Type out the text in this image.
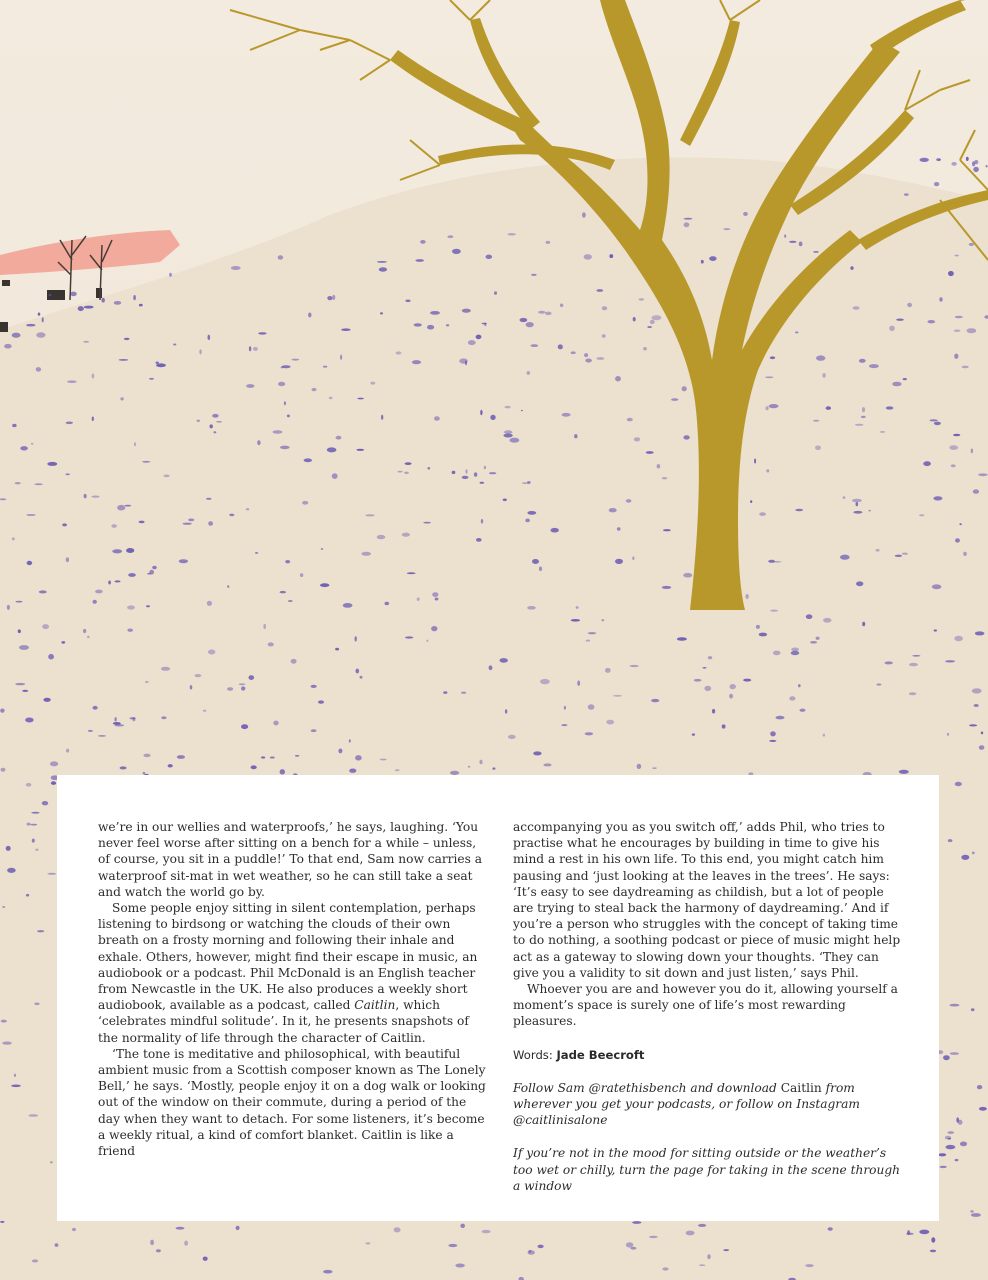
we’re in our wellies and waterproofs,’ he says, laughing. ‘You never feel worse after sitting on a bench for a while – unless, of course, you sit in a puddle!’ To that end, Sam now carries a waterproof sit-mat in wet weather, so he can still take a seat and watch the world go by.

Some people enjoy sitting in silent contemplation, perhaps listening to birdsong or watching the clouds of their own breath on a frosty morning and following their inhale and exhale. Others, however, might find their escape in music, an audiobook or a podcast. Phil McDonald is an English teacher from Newcastle in the UK. He also produces a weekly short audiobook, available as a podcast, called Caitlin, which ‘celebrates mindful solitude’. In it, he presents snapshots of the normality of life through the character of Caitlin.

‘The tone is meditative and philosophical, with beautiful ambient music from a Scottish composer known as The Lonely Bell,’ he says. ‘Mostly, people enjoy it on a dog walk or looking out of the window on their commute, during a period of the day when they want to detach. For some listeners, it’s become a weekly ritual, a kind of comfort blanket. Caitlin is like a friend

accompanying you as you switch off,’ adds Phil, who tries to practise what he encourages by building in time to give his mind a rest in his own life. To this end, you might catch him pausing and ‘just looking at the leaves in the trees’. He says: ‘It’s easy to see daydreaming as childish, but a lot of people are trying to steal back the harmony of daydreaming.’ And if you’re a person who struggles with the concept of taking time to do nothing, a soothing podcast or piece of music might help act as a gateway to slowing down your thoughts. ‘They can give you a validity to sit down and just listen,’ says Phil.

Whoever you are and however you do it, allowing yourself a moment’s space is surely one of life’s most rewarding pleasures.

Words: Jade Beecroft

Follow Sam @ratethisbench and download Caitlin from wherever you get your podcasts, or follow on Instagram @caitlinisalone

If you’re not in the mood for sitting outside or the weather’s too wet or chilly, turn the page for taking in the scene through a window
